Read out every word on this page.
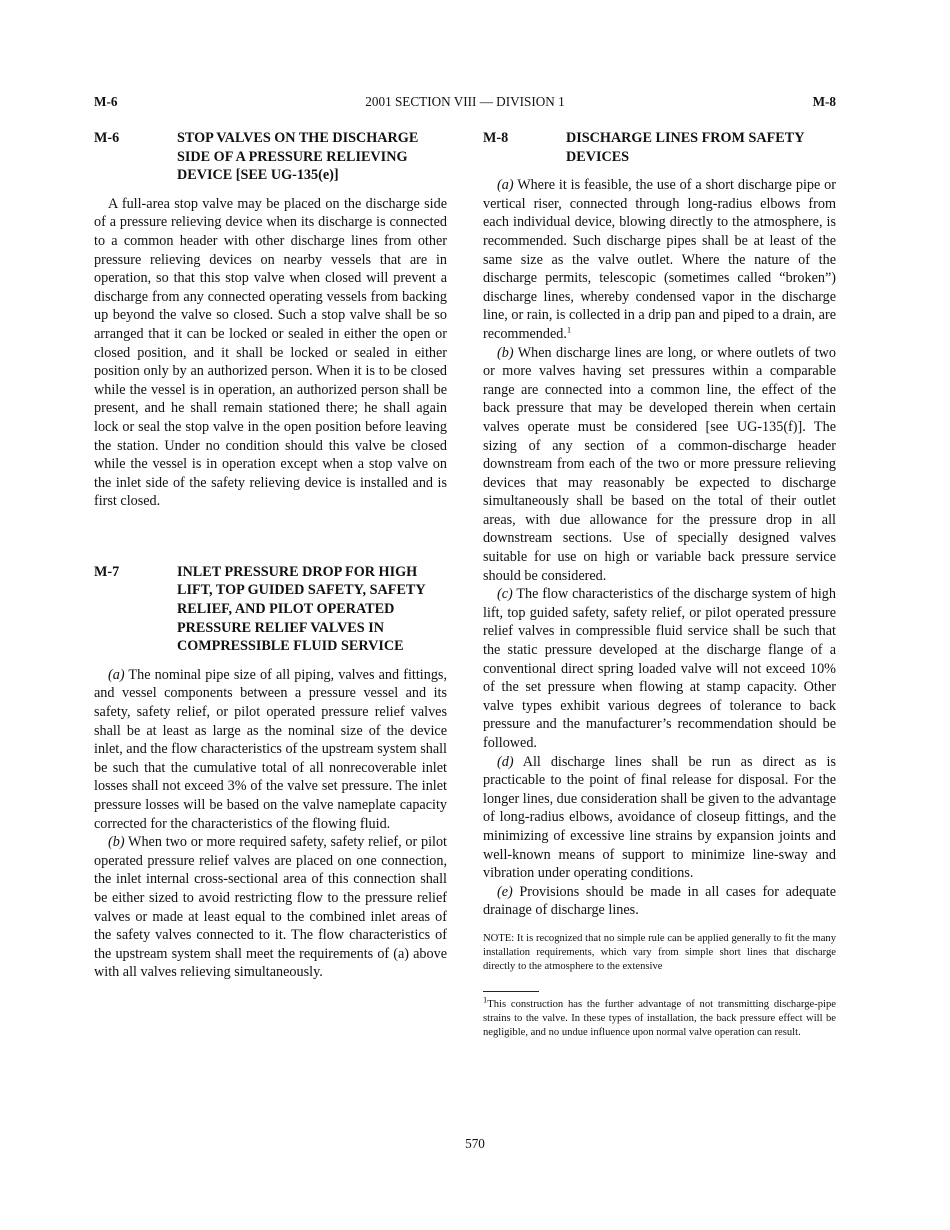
M-6	2001 SECTION VIII — DIVISION 1	M-8
M-6	STOP VALVES ON THE DISCHARGE SIDE OF A PRESSURE RELIEVING DEVICE [SEE UG-135(e)]

A full-area stop valve may be placed on the discharge side of a pressure relieving device when its discharge is connected to a common header with other discharge lines from other pressure relieving devices on nearby vessels that are in operation, so that this stop valve when closed will prevent a discharge from any connected operating vessels from backing up beyond the valve so closed. Such a stop valve shall be so arranged that it can be locked or sealed in either the open or closed position, and it shall be locked or sealed in either position only by an authorized person. When it is to be closed while the vessel is in operation, an authorized person shall be present, and he shall remain stationed there; he shall again lock or seal the stop valve in the open position before leaving the station. Under no condition should this valve be closed while the vessel is in operation except when a stop valve on the inlet side of the safety relieving device is installed and is first closed.

M-7	INLET PRESSURE DROP FOR HIGH LIFT, TOP GUIDED SAFETY, SAFETY RELIEF, AND PILOT OPERATED PRESSURE RELIEF VALVES IN COMPRESSIBLE FLUID SERVICE

(a) The nominal pipe size of all piping, valves and fittings, and vessel components between a pressure vessel and its safety, safety relief, or pilot operated pressure relief valves shall be at least as large as the nominal size of the device inlet, and the flow characteristics of the upstream system shall be such that the cumulative total of all nonrecoverable inlet losses shall not exceed 3% of the valve set pressure. The inlet pressure losses will be based on the valve nameplate capacity corrected for the characteristics of the flowing fluid.

(b) When two or more required safety, safety relief, or pilot operated pressure relief valves are placed on one connection, the inlet internal cross-sectional area of this connection shall be either sized to avoid restricting flow to the pressure relief valves or made at least equal to the combined inlet areas of the safety valves connected to it. The flow characteristics of the upstream system shall meet the requirements of (a) above with all valves relieving simultaneously.

M-8	DISCHARGE LINES FROM SAFETY DEVICES

(a) Where it is feasible, the use of a short discharge pipe or vertical riser, connected through long-radius elbows from each individual device, blowing directly to the atmosphere, is recommended. Such discharge pipes shall be at least of the same size as the valve outlet. Where the nature of the discharge permits, telescopic (sometimes called “broken”) discharge lines, whereby condensed vapor in the discharge line, or rain, is collected in a drip pan and piped to a drain, are recommended.$^1$

(b) When discharge lines are long, or where outlets of two or more valves having set pressures within a comparable range are connected into a common line, the effect of the back pressure that may be developed therein when certain valves operate must be considered [see UG-135(f)]. The sizing of any section of a common-discharge header downstream from each of the two or more pressure relieving devices that may reasonably be expected to discharge simultaneously shall be based on the total of their outlet areas, with due allowance for the pressure drop in all downstream sections. Use of specially designed valves suitable for use on high or variable back pressure service should be considered.

(c) The flow characteristics of the discharge system of high lift, top guided safety, safety relief, or pilot operated pressure relief valves in compressible fluid service shall be such that the static pressure developed at the discharge flange of a conventional direct spring loaded valve will not exceed 10% of the set pressure when flowing at stamp capacity. Other valve types exhibit various degrees of tolerance to back pressure and the manufacturer’s recommendation should be followed.

(d) All discharge lines shall be run as direct as is practicable to the point of final release for disposal. For the longer lines, due consideration shall be given to the advantage of long-radius elbows, avoidance of closeup fittings, and the minimizing of excessive line strains by expansion joints and well-known means of support to minimize line-sway and vibration under operating conditions.

(e) Provisions should be made in all cases for adequate drainage of discharge lines.

NOTE: It is recognized that no simple rule can be applied generally to fit the many installation requirements, which vary from simple short lines that discharge directly to the atmosphere to the extensive
$^1$This construction has the further advantage of not transmitting discharge-pipe strains to the valve. In these types of installation, the back pressure effect will be negligible, and no undue influence upon normal valve operation can result.
570
